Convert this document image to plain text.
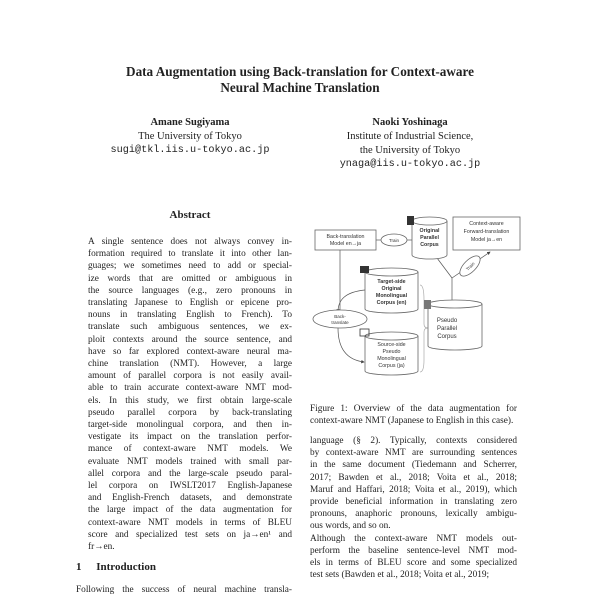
Data Augmentation using Back-translation for Context-aware
Neural Machine Translation
Amane Sugiyama
The University of Tokyo
sugi@tkl.iis.u-tokyo.ac.jp
Naoki Yoshinaga
Institute of Industrial Science,
the University of Tokyo
ynaga@iis.u-tokyo.ac.jp
Abstract
A single sentence does not always convey in-
formation required to translate it into other lan-
guages; we sometimes need to add or special-
ize words that are omitted or ambiguous in
the source languages (e.g., zero pronouns in
translating Japanese to English or epicene pro-
nouns in translating English to French). To
translate such ambiguous sentences, we ex-
ploit contexts around the source sentence, and
have so far explored context-aware neural ma-
chine translation (NMT). However, a large
amount of parallel corpora is not easily avail-
able to train accurate context-aware NMT mod-
els. In this study, we first obtain large-scale
pseudo parallel corpora by back-translating
target-side monolingual corpora, and then in-
vestigate its impact on the translation perfor-
mance of context-aware NMT models. We
evaluate NMT models trained with small par-
allel corpora and the large-scale pseudo paral-
lel corpora on IWSLT2017 English-Japanese
and English-French datasets, and demonstrate
the large impact of the data augmentation for
context-aware NMT models in terms of BLEU
score and specialized test sets on ja→en¹ and
fr→en.
1 Introduction
Following the success of neural machine transla-
Back-translation
Model en→ja
Train
Original
Parallel
Corpus
Context-aware
Forward-translation
Model ja→en
Train
Target-side
Original
Monolingual
Corpus (en)
Back-
translate
Source-side
Pseudo
Monolingual
Corpus (ja)
Pseudo
Parallel
Corpus
Figure 1: Overview of the data augmentation for
context-aware NMT (Japanese to English in this case).
language (§ 2). Typically, contexts considered
by context-aware NMT are surrounding sentences
in the same document (Tiedemann and Scherrer,
2017; Bawden et al., 2018; Voita et al., 2018;
Maruf and Haffari, 2018; Voita et al., 2019), which
provide beneficial information in translating zero
pronouns, anaphoric pronouns, lexically ambigu-
ous words, and so on.
Although the context-aware NMT models out-
perform the baseline sentence-level NMT mod-
els in terms of BLEU score and some specialized
test sets (Bawden et al., 2018; Voita et al., 2019;
